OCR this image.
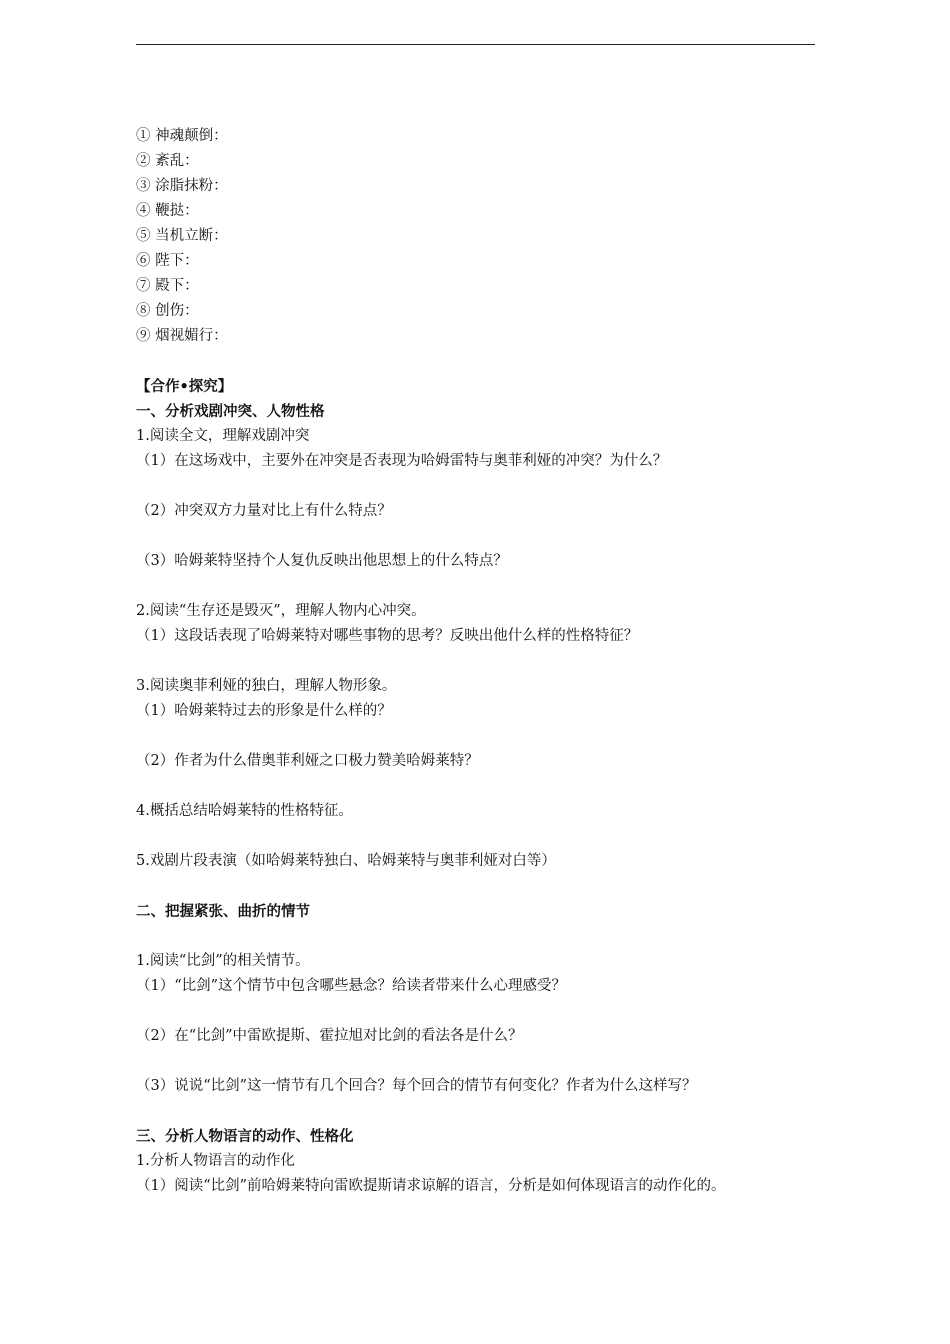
① 神魂颠倒：
② 紊乱：
③ 涂脂抹粉：
④ 鞭挞：
⑤ 当机立断：
⑥ 陛下：
⑦ 殿下：
⑧ 创伤：
⑨ 烟视媚行：
【合作•探究】
一、分析戏剧冲突、人物性格
1.阅读全文，理解戏剧冲突
（1）在这场戏中，主要外在冲突是否表现为哈姆雷特与奥菲利娅的冲突？为什么？
（2）冲突双方力量对比上有什么特点？
（3）哈姆莱特坚持个人复仇反映出他思想上的什么特点？
2.阅读“生存还是毁灭”，理解人物内心冲突。
（1）这段话表现了哈姆莱特对哪些事物的思考？反映出他什么样的性格特征？
3.阅读奥菲利娅的独白，理解人物形象。
（1）哈姆莱特过去的形象是什么样的？
（2）作者为什么借奥菲利娅之口极力赞美哈姆莱特？
4.概括总结哈姆莱特的性格特征。
5.戏剧片段表演（如哈姆莱特独白、哈姆莱特与奥菲利娅对白等）
二、把握紧张、曲折的情节
1.阅读“比剑”的相关情节。
（1）“比剑”这个情节中包含哪些悬念？给读者带来什么心理感受？
（2）在“比剑”中雷欧提斯、霍拉旭对比剑的看法各是什么？
（3）说说“比剑”这一情节有几个回合？每个回合的情节有何变化？作者为什么这样写？
三、分析人物语言的动作、性格化
1.分析人物语言的动作化
（1）阅读“比剑”前哈姆莱特向雷欧提斯请求谅解的语言，分析是如何体现语言的动作化的。
